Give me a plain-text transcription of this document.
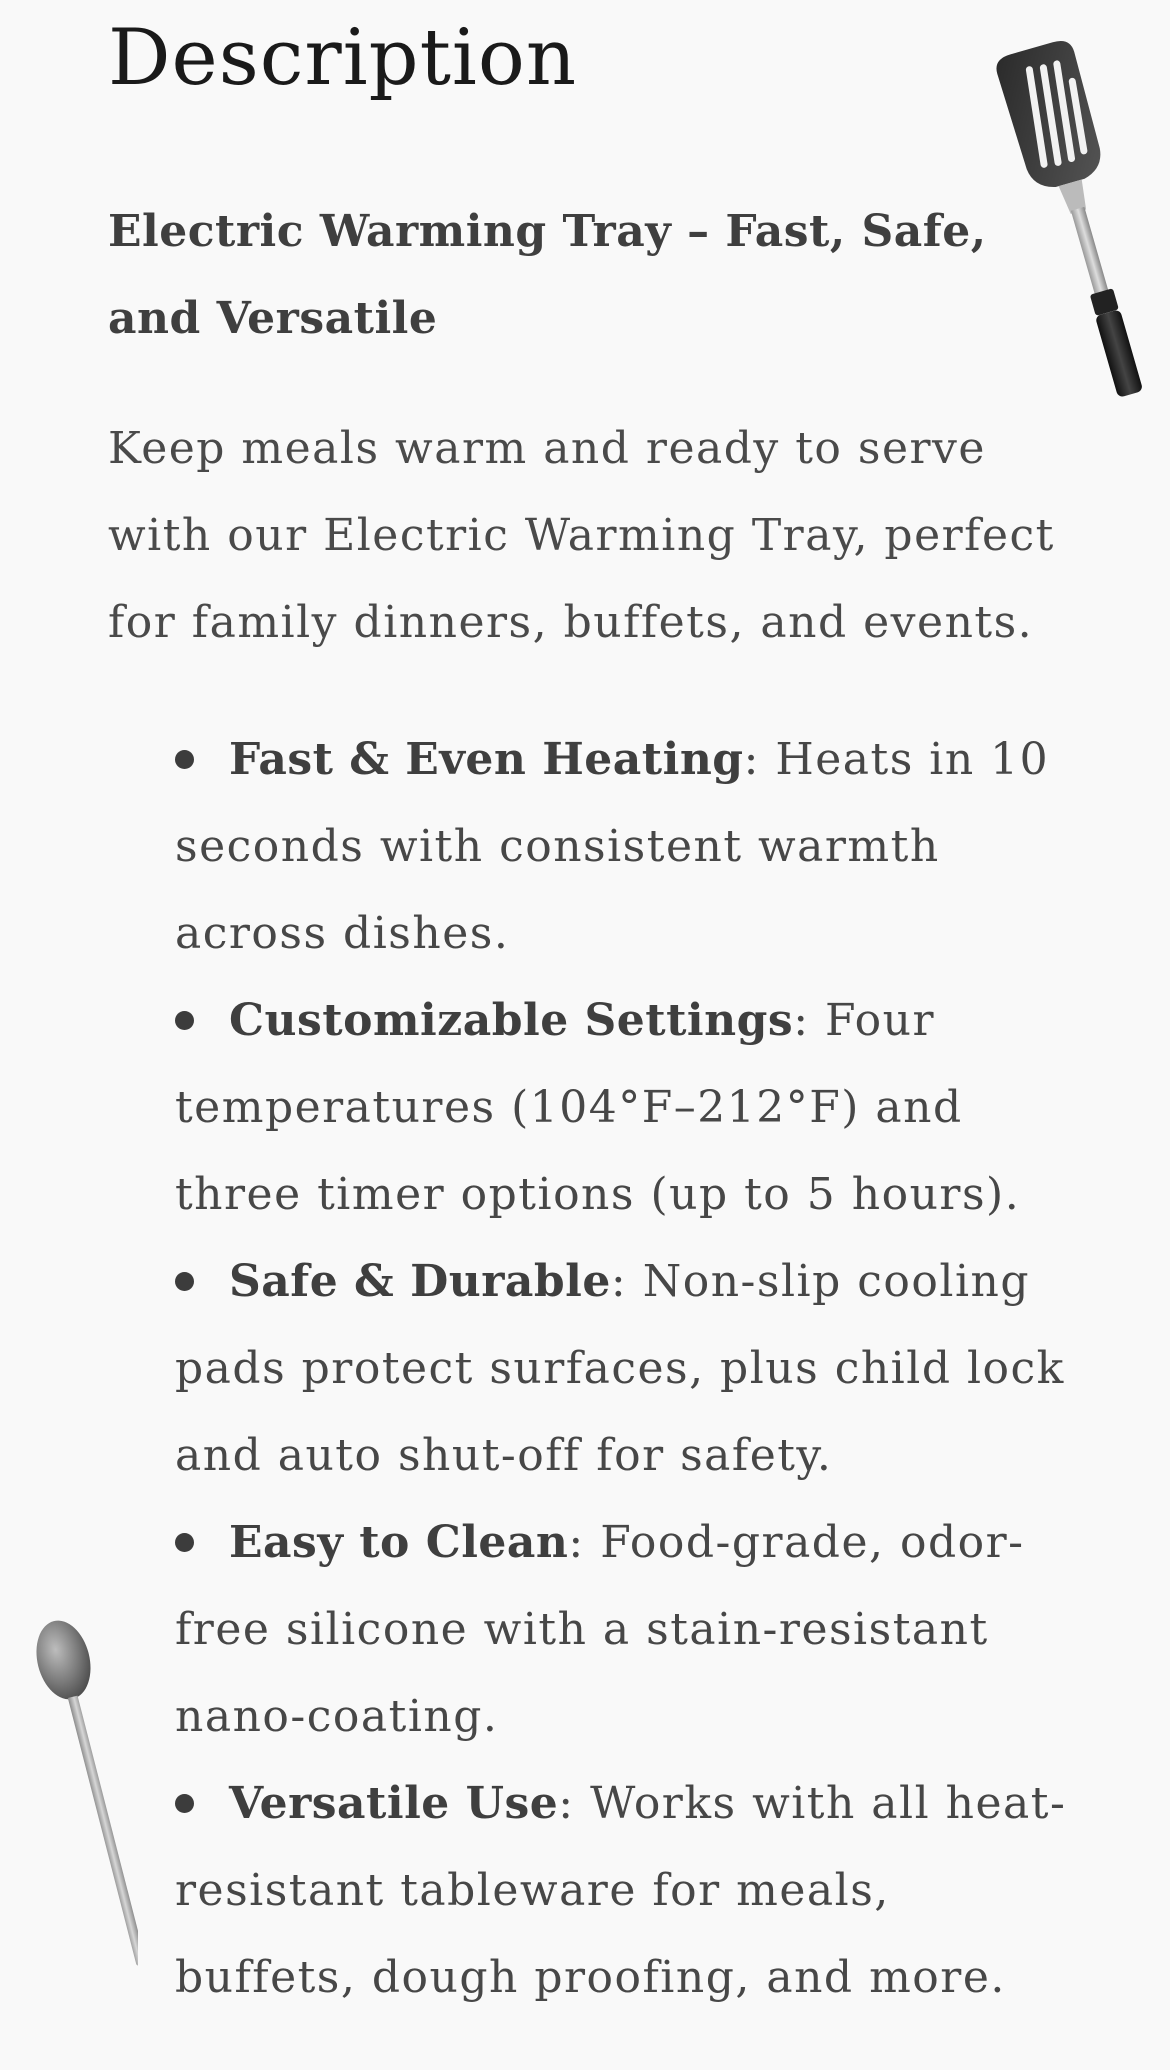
Description

Electric Warming Tray – Fast, Safe, and Versatile

Keep meals warm and ready to serve with our Electric Warming Tray, perfect for family dinners, buffets, and events.

Fast & Even Heating: Heats in 10 seconds with consistent warmth across dishes.
Customizable Settings: Four temperatures (104°F–212°F) and three timer options (up to 5 hours).
Safe & Durable: Non-slip cooling pads protect surfaces, plus child lock and auto shut-off for safety.
Easy to Clean: Food-grade, odor-free silicone with a stain-resistant nano-coating.
Versatile Use: Works with all heat-resistant tableware for meals, buffets, dough proofing, and more.
